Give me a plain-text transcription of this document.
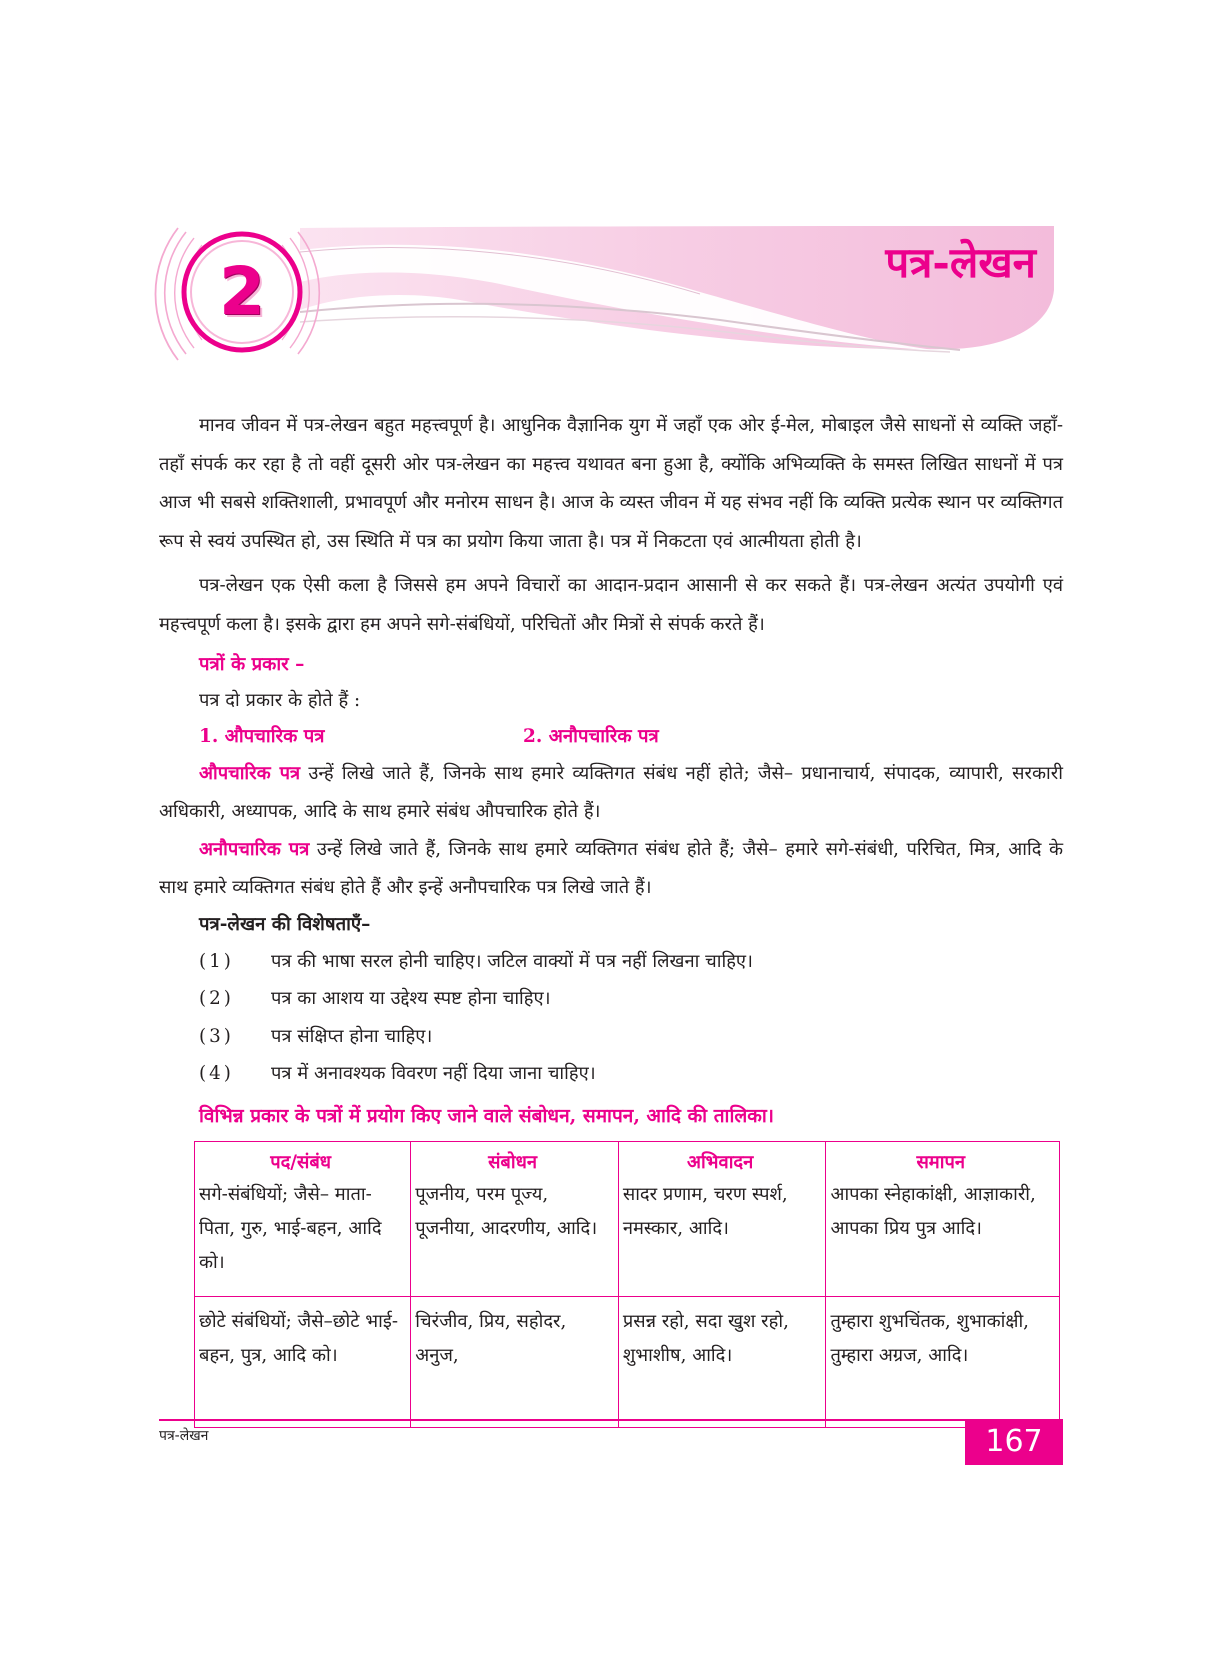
2	पत्र-लेखन

मानव जीवन में पत्र-लेखन बहुत महत्त्वपूर्ण है। आधुनिक वैज्ञानिक युग में जहाँ एक ओर ई-मेल, मोबाइल जैसे साधनों से व्यक्ति जहाँ-तहाँ संपर्क कर रहा है तो वहीं दूसरी ओर पत्र-लेखन का महत्त्व यथावत बना हुआ है, क्योंकि अभिव्यक्ति के समस्त लिखित साधनों में पत्र आज भी सबसे शक्तिशाली, प्रभावपूर्ण और मनोरम साधन है। आज के व्यस्त जीवन में यह संभव नहीं कि व्यक्ति प्रत्येक स्थान पर व्यक्तिगत रूप से स्वयं उपस्थित हो, उस स्थिति में पत्र का प्रयोग किया जाता है। पत्र में निकटता एवं आत्मीयता होती है।

पत्र-लेखन एक ऐसी कला है जिससे हम अपने विचारों का आदान-प्रदान आसानी से कर सकते हैं। पत्र-लेखन अत्यंत उपयोगी एवं महत्त्वपूर्ण कला है। इसके द्वारा हम अपने सगे-संबंधियों, परिचितों और मित्रों से संपर्क करते हैं।

पत्रों के प्रकार –
पत्र दो प्रकार के होते हैं :
1. औपचारिक पत्र	2. अनौपचारिक पत्र

औपचारिक पत्र उन्हें लिखे जाते हैं, जिनके साथ हमारे व्यक्तिगत संबंध नहीं होते; जैसे– प्रधानाचार्य, संपादक, व्यापारी, सरकारी अधिकारी, अध्यापक, आदि के साथ हमारे संबंध औपचारिक होते हैं।

अनौपचारिक पत्र उन्हें लिखे जाते हैं, जिनके साथ हमारे व्यक्तिगत संबंध होते हैं; जैसे– हमारे सगे-संबंधी, परिचित, मित्र, आदि के साथ हमारे व्यक्तिगत संबंध होते हैं और इन्हें अनौपचारिक पत्र लिखे जाते हैं।

पत्र-लेखन की विशेषताएँ–
(1)	पत्र की भाषा सरल होनी चाहिए। जटिल वाक्यों में पत्र नहीं लिखना चाहिए।
(2)	पत्र का आशय या उद्देश्य स्पष्ट होना चाहिए।
(3)	पत्र संक्षिप्त होना चाहिए।
(4)	पत्र में अनावश्यक विवरण नहीं दिया जाना चाहिए।
विभिन्न प्रकार के पत्रों में प्रयोग किए जाने वाले संबोधन, समापन, आदि की तालिका।
पद/संबंध	संबोधन	अभिवादन	समापन
सगे-संबंधियों; जैसे– माता-पिता, गुरु, भाई-बहन, आदि को।	पूजनीय, परम पूज्य, पूजनीया, आदरणीय, आदि।	सादर प्रणाम, चरण स्पर्श, नमस्कार, आदि।	आपका स्नेहाकांक्षी, आज्ञाकारी, आपका प्रिय पुत्र आदि।
छोटे संबंधियों; जैसे–छोटे भाई-बहन, पुत्र, आदि को।	चिरंजीव, प्रिय, सहोदर, अनुज,	प्रसन्न रहो, सदा खुश रहो, शुभाशीष, आदि।	तुम्हारा शुभचिंतक, शुभाकांक्षी, तुम्हारा अग्रज, आदि।
पत्र-लेखन	167
